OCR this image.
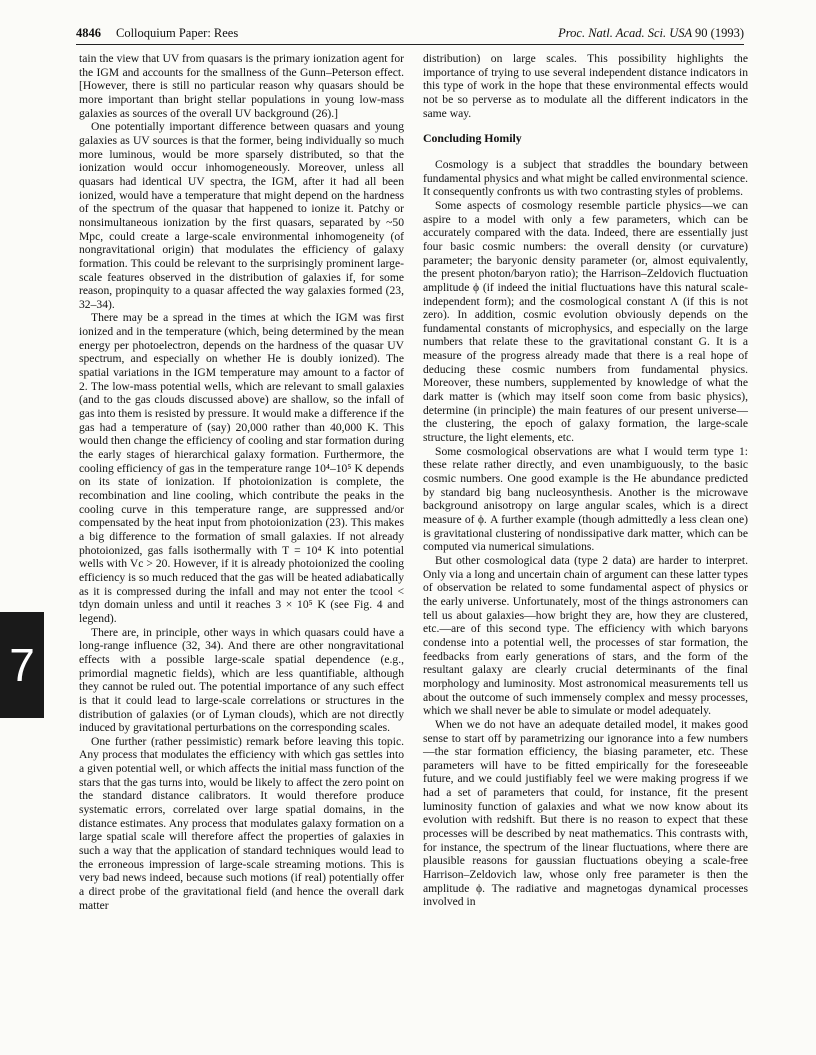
4846 Colloquium Paper: Rees	Proc. Natl. Acad. Sci. USA 90 (1993)
7

tain the view that UV from quasars is the primary ionization agent for the IGM and accounts for the smallness of the Gunn–Peterson effect. [However, there is still no particular reason why quasars should be more important than bright stellar populations in young low-mass galaxies as sources of the overall UV background (26).]

One potentially important difference between quasars and young galaxies as UV sources is that the former, being individually so much more luminous, would be more sparsely distributed, so that the ionization would occur inhomogeneously. Moreover, unless all quasars had identical UV spectra, the IGM, after it had all been ionized, would have a temperature that might depend on the hardness of the spectrum of the quasar that happened to ionize it. Patchy or nonsimultaneous ionization by the first quasars, separated by ~50 Mpc, could create a large-scale environmental inhomogeneity (of nongravitational origin) that modulates the efficiency of galaxy formation. This could be relevant to the surprisingly prominent large-scale features observed in the distribution of galaxies if, for some reason, propinquity to a quasar affected the way galaxies formed (23, 32–34).

There may be a spread in the times at which the IGM was first ionized and in the temperature (which, being determined by the mean energy per photoelectron, depends on the hardness of the quasar UV spectrum, and especially on whether He is doubly ionized). The spatial variations in the IGM temperature may amount to a factor of 2. The low-mass potential wells, which are relevant to small galaxies (and to the gas clouds discussed above) are shallow, so the infall of gas into them is resisted by pressure. It would make a difference if the gas had a temperature of (say) 20,000 rather than 40,000 K. This would then change the efficiency of cooling and star formation during the early stages of hierarchical galaxy formation. Furthermore, the cooling efficiency of gas in the temperature range 10⁴–10⁵ K depends on its state of ionization. If photoionization is complete, the recombination and line cooling, which contribute the peaks in the cooling curve in this temperature range, are suppressed and/or compensated by the heat input from photoionization (23). This makes a big difference to the formation of small galaxies. If not already photoionized, gas falls isothermally with T = 10⁴ K into potential wells with Vc > 20. However, if it is already photoionized the cooling efficiency is so much reduced that the gas will be heated adiabatically as it is compressed during the infall and may not enter the tcool < tdyn domain unless and until it reaches 3 × 10⁵ K (see Fig. 4 and legend).

There are, in principle, other ways in which quasars could have a long-range influence (32, 34). And there are other nongravitational effects with a possible large-scale spatial dependence (e.g., primordial magnetic fields), which are less quantifiable, although they cannot be ruled out. The potential importance of any such effect is that it could lead to large-scale correlations or structures in the distribution of galaxies (or of Lyman clouds), which are not directly induced by gravitational perturbations on the corresponding scales.

One further (rather pessimistic) remark before leaving this topic. Any process that modulates the efficiency with which gas settles into a given potential well, or which affects the initial mass function of the stars that the gas turns into, would be likely to affect the zero point on the standard distance calibrators. It would therefore produce systematic errors, correlated over large spatial domains, in the distance estimates. Any process that modulates galaxy formation on a large spatial scale will therefore affect the properties of galaxies in such a way that the application of standard techniques would lead to the erroneous impression of large-scale streaming motions. This is very bad news indeed, because such motions (if real) potentially offer a direct probe of the gravitational field (and hence the overall dark matter

distribution) on large scales. This possibility highlights the importance of trying to use several independent distance indicators in this type of work in the hope that these environmental effects would not be so perverse as to modulate all the different indicators in the same way.

Concluding Homily

Cosmology is a subject that straddles the boundary between fundamental physics and what might be called environmental science. It consequently confronts us with two contrasting styles of problems.

Some aspects of cosmology resemble particle physics—we can aspire to a model with only a few parameters, which can be accurately compared with the data. Indeed, there are essentially just four basic cosmic numbers: the overall density (or curvature) parameter; the baryonic density parameter (or, almost equivalently, the present photon/baryon ratio); the Harrison–Zeldovich fluctuation amplitude ϕ (if indeed the initial fluctuations have this natural scale-independent form); and the cosmological constant Λ (if this is not zero). In addition, cosmic evolution obviously depends on the fundamental constants of microphysics, and especially on the large numbers that relate these to the gravitational constant G. It is a measure of the progress already made that there is a real hope of deducing these cosmic numbers from fundamental physics. Moreover, these numbers, supplemented by knowledge of what the dark matter is (which may itself soon come from basic physics), determine (in principle) the main features of our present universe—the clustering, the epoch of galaxy formation, the large-scale structure, the light elements, etc.

Some cosmological observations are what I would term type 1: these relate rather directly, and even unambiguously, to the basic cosmic numbers. One good example is the He abundance predicted by standard big bang nucleosynthesis. Another is the microwave background anisotropy on large angular scales, which is a direct measure of ϕ. A further example (though admittedly a less clean one) is gravitational clustering of nondissipative dark matter, which can be computed via numerical simulations.

But other cosmological data (type 2 data) are harder to interpret. Only via a long and uncertain chain of argument can these latter types of observation be related to some fundamental aspect of physics or the early universe. Unfortunately, most of the things astronomers can tell us about galaxies—how bright they are, how they are clustered, etc.—are of this second type. The efficiency with which baryons condense into a potential well, the processes of star formation, the feedbacks from early generations of stars, and the form of the resultant galaxy are clearly crucial determinants of the final morphology and luminosity. Most astronomical measurements tell us about the outcome of such immensely complex and messy processes, which we shall never be able to simulate or model adequately.

When we do not have an adequate detailed model, it makes good sense to start off by parametrizing our ignorance into a few numbers—the star formation efficiency, the biasing parameter, etc. These parameters will have to be fitted empirically for the foreseeable future, and we could justifiably feel we were making progress if we had a set of parameters that could, for instance, fit the present luminosity function of galaxies and what we now know about its evolution with redshift. But there is no reason to expect that these processes will be described by neat mathematics. This contrasts with, for instance, the spectrum of the linear fluctuations, where there are plausible reasons for gaussian fluctuations obeying a scale-free Harrison–Zeldovich law, whose only free parameter is then the amplitude ϕ. The radiative and magnetogas dynamical processes involved in
